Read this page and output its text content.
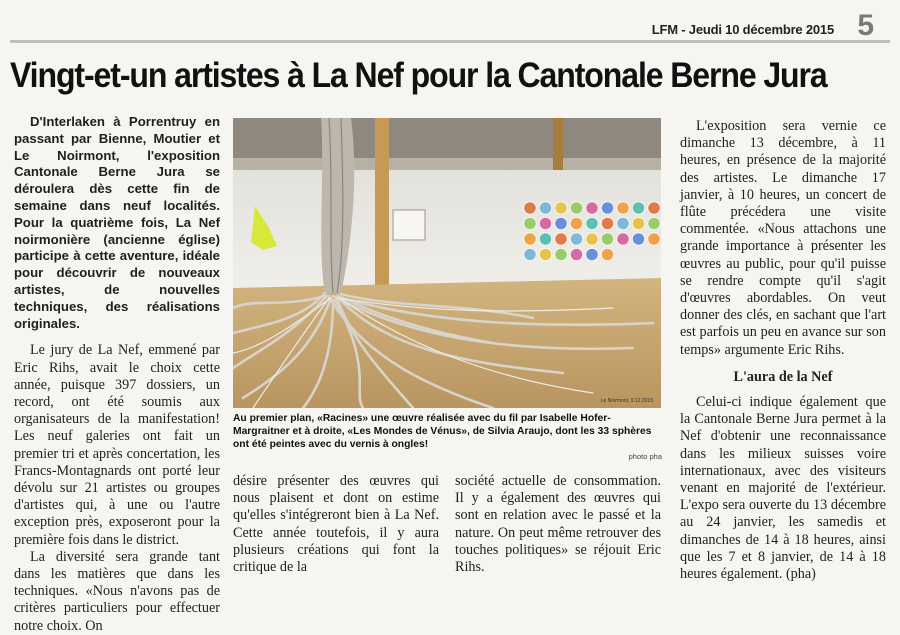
LFM - Jeudi 10 décembre 2015 5
Vingt-et-un artistes à La Nef pour la Cantonale Berne Jura

D'Interlaken à Porrentruy en passant par Bienne, Moutier et Le Noirmont, l'exposition Cantonale Berne Jura se déroulera dès cette fin de semaine dans neuf localités. Pour la quatrième fois, La Nef noirmonière (ancienne église) participe à cette aventure, idéale pour découvrir de nouveaux artistes, de nouvelles techniques, des réalisations originales.

Le jury de La Nef, emmené par Eric Rihs, avait le choix cette année, puisque 397 dossiers, un record, ont été soumis aux organisateurs de la manifestation! Les neuf galeries ont fait un premier tri et après concertation, les Francs-Montagnards ont porté leur dévolu sur 21 artistes ou groupes d'artistes qui, à une ou l'autre exception près, exposeront pour la première fois dans le district.

La diversité sera grande tant dans les matières que dans les techniques. «Nous n'avons pas de critères particuliers pour effectuer notre choix. On

Le Noirmont, 9.12.2015
Au premier plan, «Racines» une œuvre réalisée avec du fil par Isabelle Hofer-Margraitner et à droite, «Les Mondes de Vénus», de Silvia Araujo, dont les 33 sphères ont été peintes avec du vernis à ongles!
photo pha

désire présenter des œuvres qui nous plaisent et dont on estime qu'elles s'intégreront bien à La Nef. Cette année toutefois, il y aura plusieurs créations qui font la critique de la

société actuelle de consommation. Il y a également des œuvres qui sont en relation avec le passé et la nature. On peut même retrouver des touches politiques» se réjouit Eric Rihs.

L'exposition sera vernie ce dimanche 13 décembre, à 11 heures, en présence de la majorité des artistes. Le dimanche 17 janvier, à 10 heures, un concert de flûte précédera une visite commentée. «Nous attachons une grande importance à présenter les œuvres au public, pour qu'il puisse se rendre compte qu'il s'agit d'œuvres abordables. On veut donner des clés, en sachant que l'art est parfois un peu en avance sur son temps» argumente Eric Rihs.

L'aura de la Nef

Celui-ci indique également que la Cantonale Berne Jura permet à la Nef d'obtenir une reconnaissance dans les milieux suisses voire internationaux, avec des visiteurs venant en majorité de l'extérieur. L'expo sera ouverte du 13 décembre au 24 janvier, les samedis et dimanches de 14 à 18 heures, ainsi que les 7 et 8 janvier, de 14 à 18 heures également. (pha)
